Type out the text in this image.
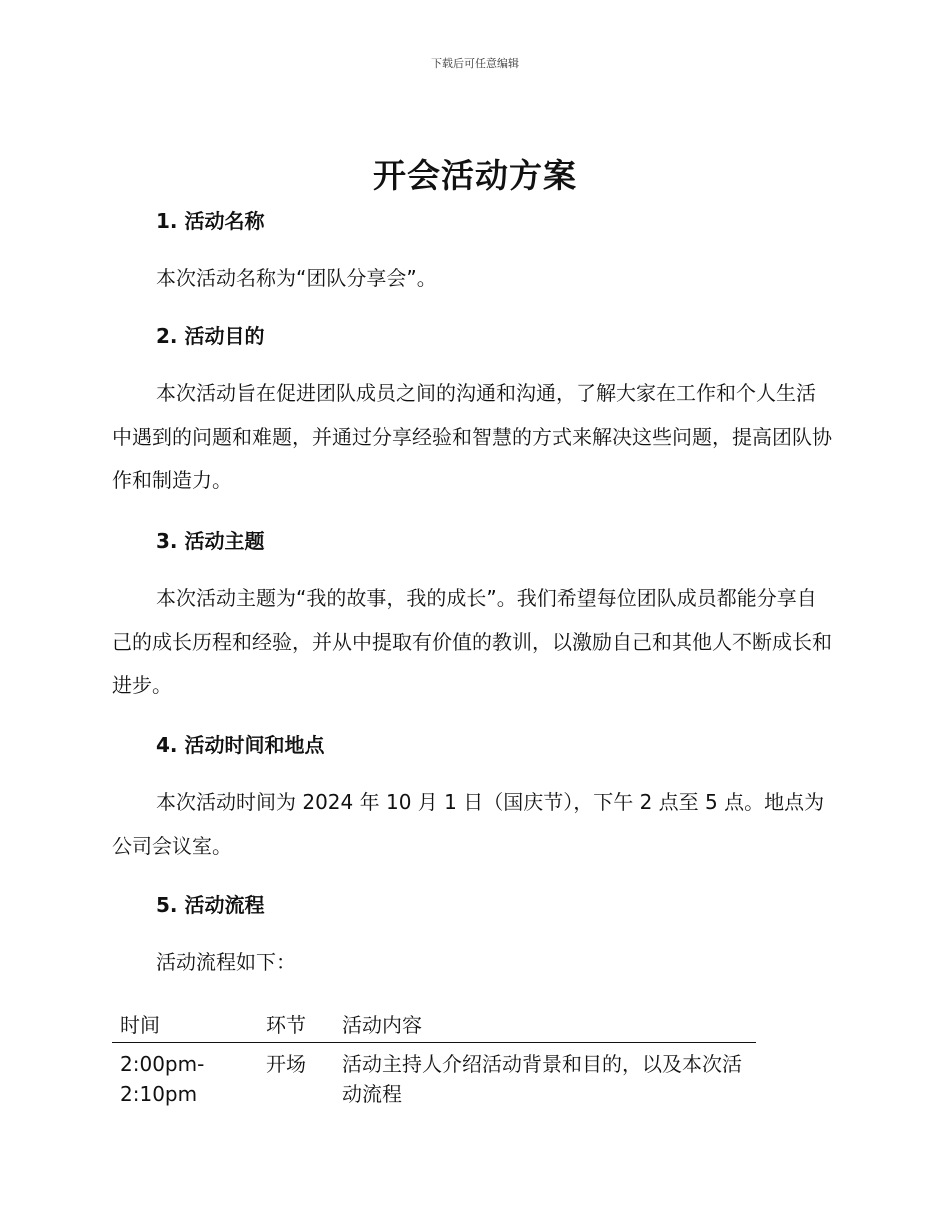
下载后可任意编辑
开会活动方案
1. 活动名称
本次活动名称为“团队分享会”。
2. 活动目的
本次活动旨在促进团队成员之间的沟通和沟通，了解大家在工作和个人生活中遇到的问题和难题，并通过分享经验和智慧的方式来解决这些问题，提高团队协作和制造力。
3. 活动主题
本次活动主题为“我的故事，我的成长”。我们希望每位团队成员都能分享自己的成长历程和经验，并从中提取有价值的教训，以激励自己和其他人不断成长和进步。
4. 活动时间和地点
本次活动时间为 2024 年 10 月 1 日（国庆节），下午 2 点至 5 点。地点为公司会议室。
5. 活动流程
活动流程如下：
时间	环节	活动内容
2:00pm-2:10pm	开场	活动主持人介绍活动背景和目的，以及本次活动流程
